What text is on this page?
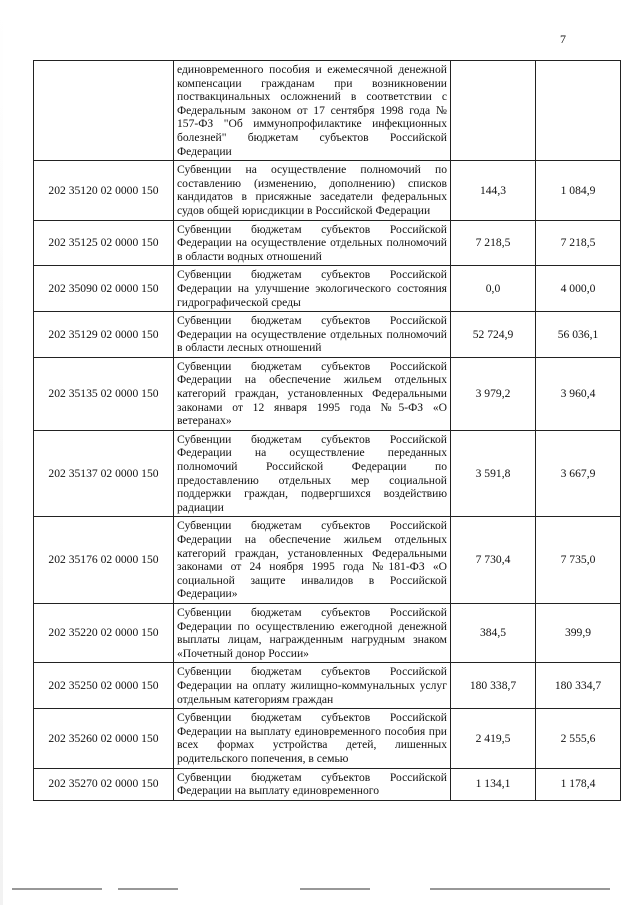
7
	единовременного пособия и ежемесячной денежной компенсации гражданам при возникновении поствакцинальных осложнений в соответствии с Федеральным законом от 17 сентября 1998 года № 157-ФЗ "Об иммунопрофилактике инфекционных болезней" бюджетам субъектов Российской Федерации		
202 35120 02 0000 150	Субвенции на осуществление полномочий по составлению (изменению, дополнению) списков кандидатов в присяжные заседатели федеральных судов общей юрисдикции в Российской Федерации	144,3	1 084,9
202 35125 02 0000 150	Субвенции бюджетам субъектов Российской Федерации на осуществление отдельных полномочий в области водных отношений	7 218,5	7 218,5
202 35090 02 0000 150	Субвенции бюджетам субъектов Российской Федерации на улучшение экологического состояния гидрографической среды	0,0	4 000,0
202 35129 02 0000 150	Субвенции бюджетам субъектов Российской Федерации на осуществление отдельных полномочий в области лесных отношений	52 724,9	56 036,1
202 35135 02 0000 150	Субвенции бюджетам субъектов Российской Федерации на обеспечение жильем отдельных категорий граждан, установленных Федеральными законами от 12 января 1995 года №5-ФЗ «О ветеранах»	3 979,2	3 960,4
202 35137 02 0000 150	Субвенции бюджетам субъектов Российской Федерации на осуществление переданных полномочий Российской Федерации по предоставлению отдельных мер социальной поддержки граждан, подвергшихся воздействию радиации	3 591,8	3 667,9
202 35176 02 0000 150	Субвенции бюджетам субъектов Российской Федерации на обеспечение жильем отдельных категорий граждан, установленных Федеральными законами от 24 ноября 1995 года №181-ФЗ «О социальной защите инвалидов в Российской Федерации»	7 730,4	7 735,0
202 35220 02 0000 150	Субвенции бюджетам субъектов Российской Федерации по осуществлению ежегодной денежной выплаты лицам, награжденным нагрудным знаком «Почетный донор России»	384,5	399,9
202 35250 02 0000 150	Субвенции бюджетам субъектов Российской Федерации на оплату жилищно-коммунальных услуг отдельным категориям граждан	180 338,7	180 334,7
202 35260 02 0000 150	Субвенции бюджетам субъектов Российской Федерации на выплату единовременного пособия при всех формах устройства детей, лишенных родительского попечения, в семью	2 419,5	2 555,6
202 35270 02 0000 150	Субвенции бюджетам субъектов Российской Федерации на выплату единовременного	1 134,1	1 178,4
